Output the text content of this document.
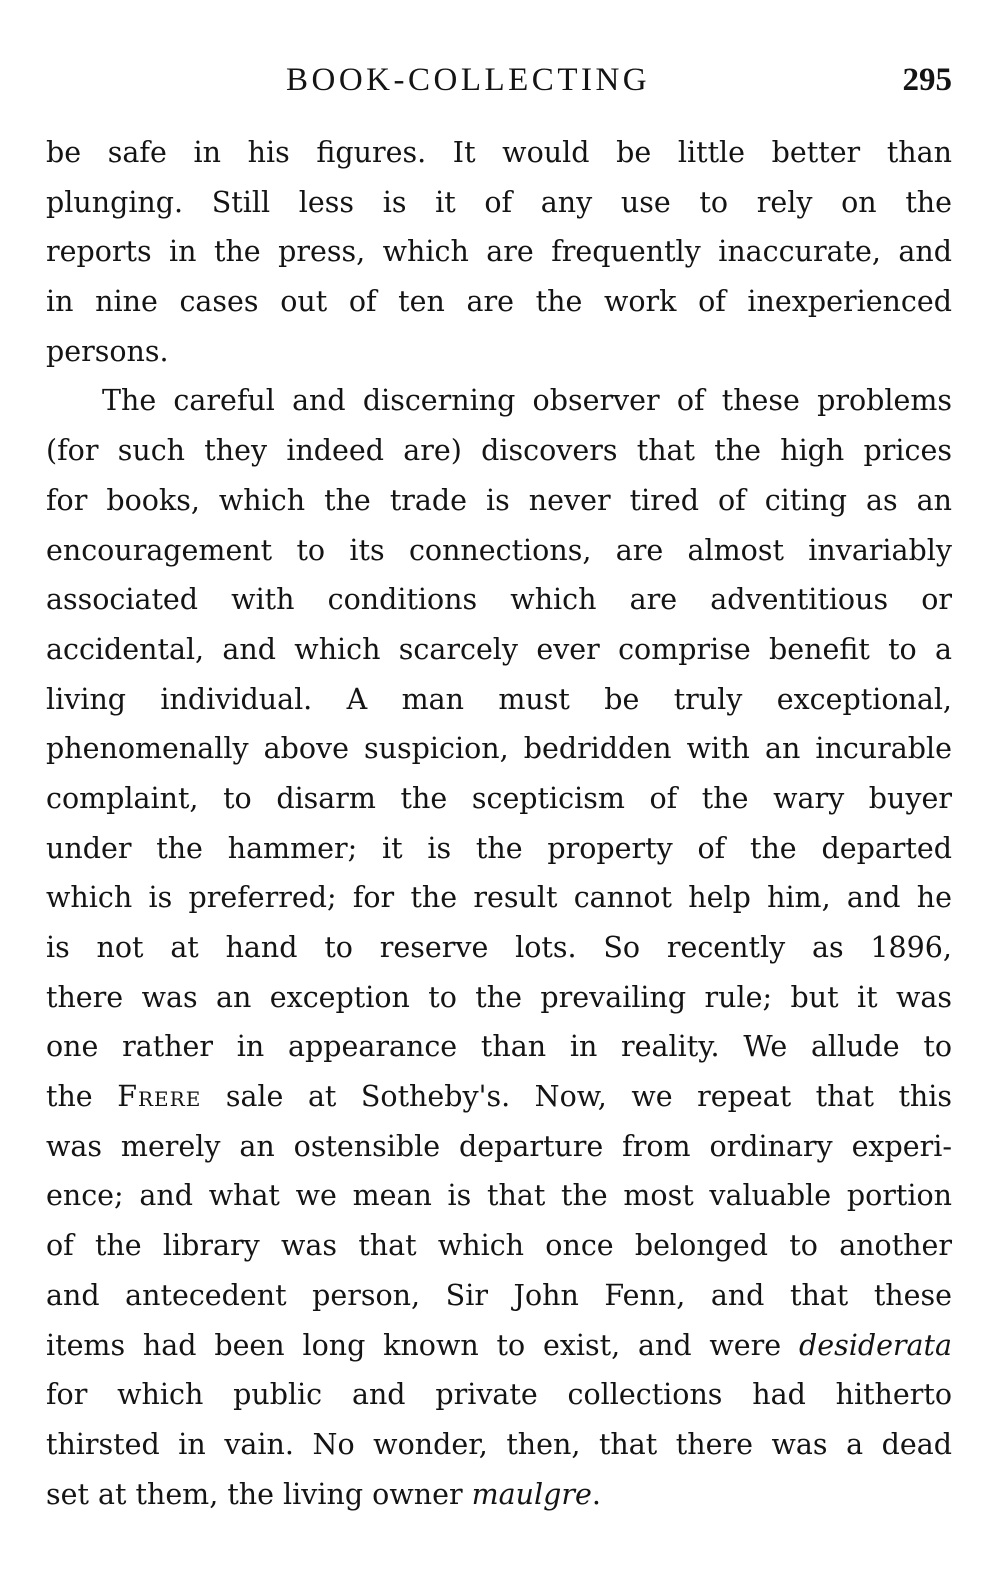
BOOK-COLLECTING	295
be safe in his figures. It would be little better than
plunging. Still less is it of any use to rely on the
reports in the press, which are frequently inaccurate, and
in nine cases out of ten are the work of inexperienced
persons.
The careful and discerning observer of these problems
(for such they indeed are) discovers that the high prices
for books, which the trade is never tired of citing as an
encouragement to its connections, are almost invariably
associated with conditions which are adventitious or
accidental, and which scarcely ever comprise benefit to a
living individual. A man must be truly exceptional,
phenomenally above suspicion, bedridden with an incurable
complaint, to disarm the scepticism of the wary buyer
under the hammer; it is the property of the departed
which is preferred; for the result cannot help him, and he
is not at hand to reserve lots. So recently as 1896,
there was an exception to the prevailing rule; but it was
one rather in appearance than in reality. We allude to
the Frere sale at Sotheby's. Now, we repeat that this
was merely an ostensible departure from ordinary experi-
ence; and what we mean is that the most valuable portion
of the library was that which once belonged to another
and antecedent person, Sir John Fenn, and that these
items had been long known to exist, and were desiderata
for which public and private collections had hitherto
thirsted in vain. No wonder, then, that there was a dead
set at them, the living owner maulgre.
